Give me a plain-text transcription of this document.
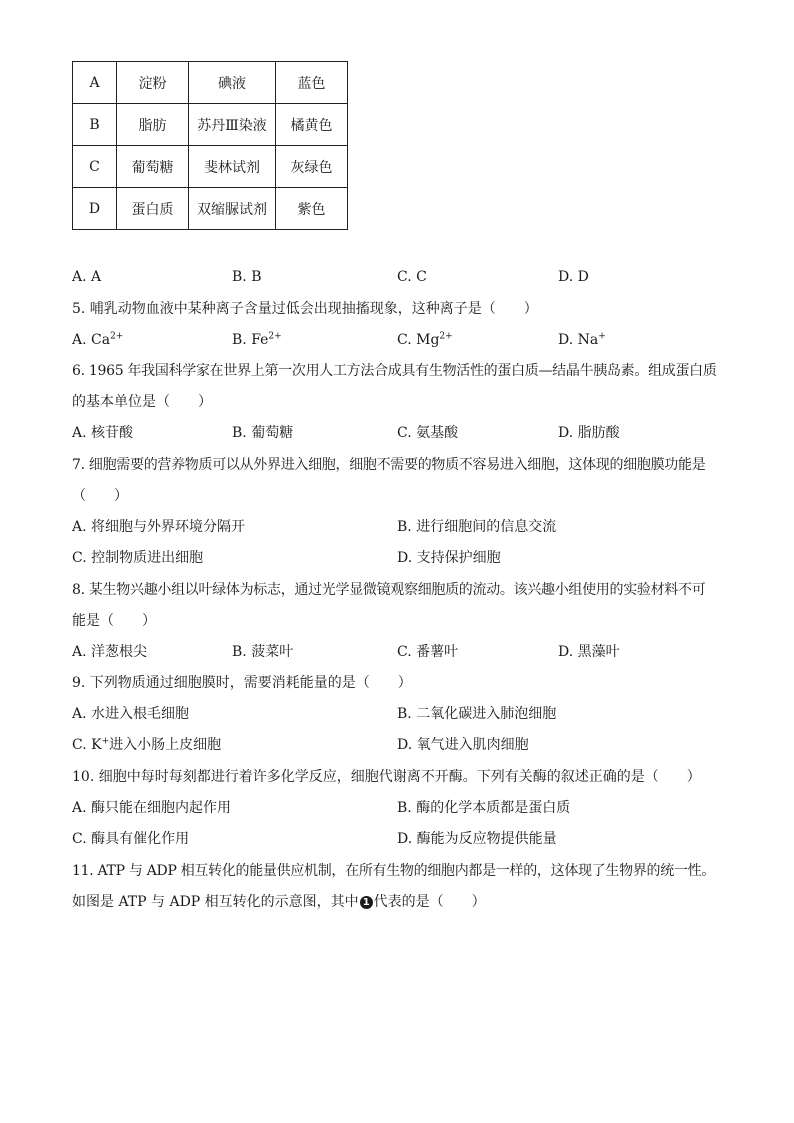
A	淀粉	碘液	蓝色
B	脂肪	苏丹Ⅲ染液	橘黄色
C	葡萄糖	斐林试剂	灰绿色
D	蛋白质	双缩脲试剂	紫色
A. A	B. B	C. C	D. D
5. 哺乳动物血液中某种离子含量过低会出现抽搐现象，这种离子是（　　）
A. $Ca^{2+}$	B. $Fe^{2+}$	C. $Mg^{2+}$	D. Na+
6. 1965 年我国科学家在世界上第一次用人工方法合成具有生物活性的蛋白质—结晶牛胰岛素。组成蛋白质
的基本单位是（　　）
A. 核苷酸	B. 葡萄糖	C. 氨基酸	D. 脂肪酸
7. 细胞需要的营养物质可以从外界进入细胞，细胞不需要的物质不容易进入细胞，这体现的细胞膜功能是
（　　）
A. 将细胞与外界环境分隔开	B. 进行细胞间的信息交流
C. 控制物质进出细胞	D. 支持保护细胞
8. 某生物兴趣小组以叶绿体为标志，通过光学显微镜观察细胞质的流动。该兴趣小组使用的实验材料不可
能是（　　）
A. 洋葱根尖	B. 菠菜叶	C. 番薯叶	D. 黑藻叶
9. 下列物质通过细胞膜时，需要消耗能量的是（　　）
A. 水进入根毛细胞	B. 二氧化碳进入肺泡细胞
C. K+进入小肠上皮细胞	D. 氧气进入肌肉细胞
10. 细胞中每时每刻都进行着许多化学反应，细胞代谢离不开酶。下列有关酶的叙述正确的是（　　）
A. 酶只能在细胞内起作用	B. 酶的化学本质都是蛋白质
C. 酶具有催化作用	D. 酶能为反应物提供能量
11. ATP 与 ADP 相互转化的能量供应机制，在所有生物的细胞内都是一样的，这体现了生物界的统一性。
如图是 ATP 与 ADP 相互转化的示意图，其中 1 代表的是（　　）
